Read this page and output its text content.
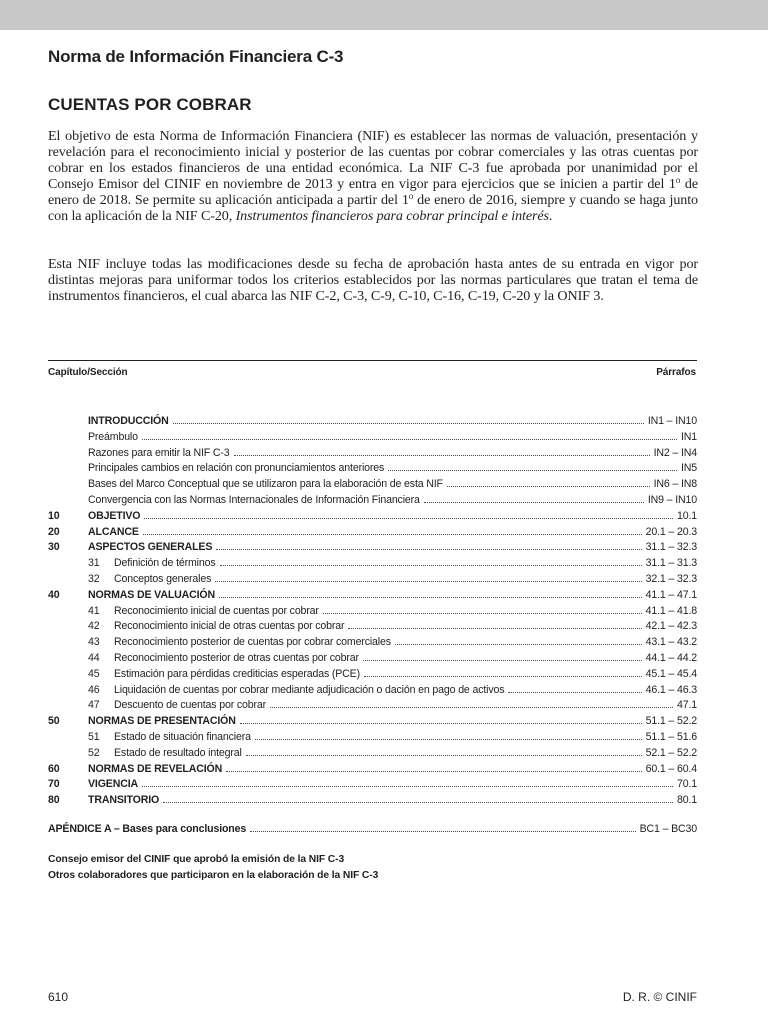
Norma de Información Financiera C-3
CUENTAS POR COBRAR

El objetivo de esta Norma de Información Financiera (NIF) es establecer las normas de valuación, presentación y revelación para el reconocimiento inicial y posterior de las cuentas por cobrar comerciales y las otras cuentas por cobrar en los estados financieros de una entidad económica. La NIF C-3 fue aprobada por unanimidad por el Consejo Emisor del CINIF en noviembre de 2013 y entra en vigor para ejercicios que se inicien a partir del 1$^o$ de enero de 2018. Se permite su aplicación anticipada a partir del 1$^o$ de enero de 2016, siempre y cuando se haga junto con la aplicación de la NIF C-20, Instrumentos financieros para cobrar principal e interés.

Esta NIF incluye todas las modificaciones desde su fecha de aprobación hasta antes de su entrada en vigor por distintas mejoras para uniformar todos los criterios establecidos por las normas particulares que tratan el tema de instrumentos financieros, el cual abarca las NIF C-2, C-3, C-9, C-10, C-16, C-19, C-20 y la ONIF 3.

Capítulo/Sección	Párrafos
INTRODUCCIÓN	IN1 – IN10
Preámbulo	IN1
Razones para emitir la NIF C-3	IN2 – IN4
Principales cambios en relación con pronunciamientos anteriores	IN5
Bases del Marco Conceptual que se utilizaron para la elaboración de esta NIF	IN6 – IN8
Convergencia con las Normas Internacionales de Información Financiera	IN9 – IN10
10	OBJETIVO	10.1
20	ALCANCE	20.1 – 20.3
30	ASPECTOS GENERALES	31.1 – 32.3
31	Definición de términos	31.1 – 31.3
32	Conceptos generales	32.1 – 32.3
40	NORMAS DE VALUACIÓN	41.1 – 47.1
41	Reconocimiento inicial de cuentas por cobrar	41.1 – 41.8
42	Reconocimiento inicial de otras cuentas por cobrar	42.1 – 42.3
43	Reconocimiento posterior de cuentas por cobrar comerciales	43.1 – 43.2
44	Reconocimiento posterior de otras cuentas por cobrar	44.1 – 44.2
45	Estimación para pérdidas crediticias esperadas (PCE)	45.1 – 45.4
46	Liquidación de cuentas por cobrar mediante adjudicación o dación en pago de activos	46.1 – 46.3
47	Descuento de cuentas por cobrar	47.1
50	NORMAS DE PRESENTACIÓN	51.1 – 52.2
51	Estado de situación financiera	51.1 – 51.6
52	Estado de resultado integral	52.1 – 52.2
60	NORMAS DE REVELACIÓN	60.1 – 60.4
70	VIGENCIA	70.1
80	TRANSITORIO	80.1
APÉNDICE A – Bases para conclusiones	BC1 – BC30
Consejo emisor del CINIF que aprobó la emisión de la NIF C-3
Otros colaboradores que participaron en la elaboración de la NIF C-3
610	D. R. © CINIF
